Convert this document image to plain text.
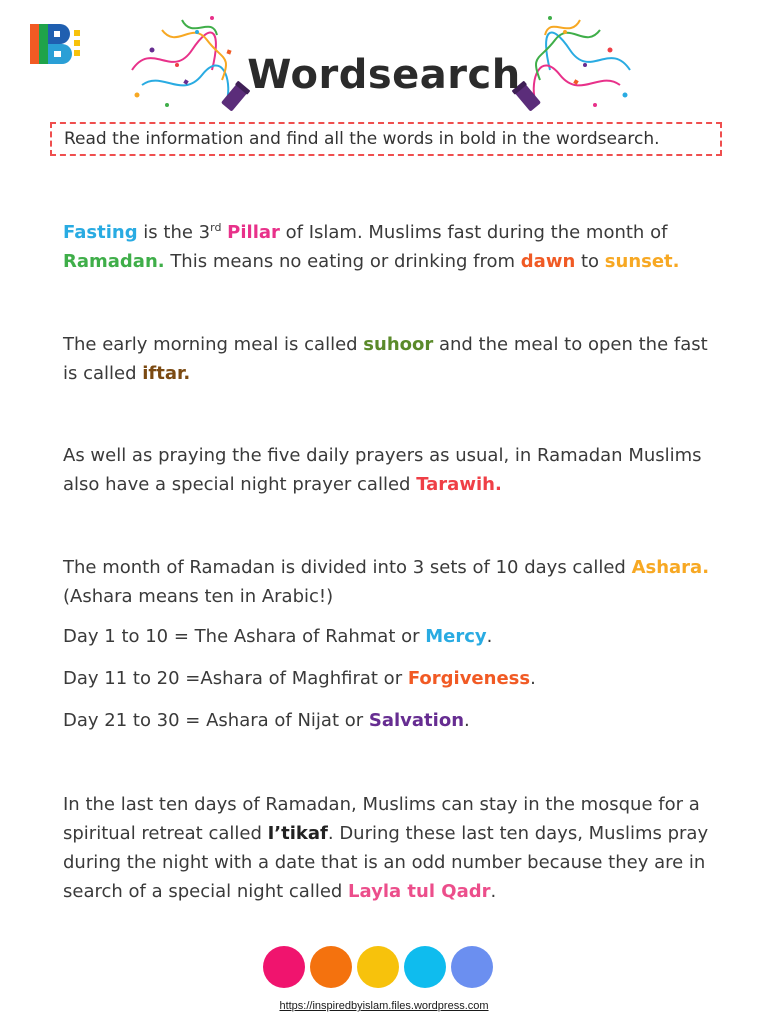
Wordsearch
Read the information and find all the words in bold in the wordsearch.
Fasting is the 3rd Pillar of Islam. Muslims fast during the month of Ramadan. This means no eating or drinking from dawn to sunset.
The early morning meal is called suhoor and the meal to open the fast is called iftar.
As well as praying the five daily prayers as usual, in Ramadan Muslims also have a special night prayer called Tarawih.
The month of Ramadan is divided into 3 sets of 10 days called Ashara. (Ashara means ten in Arabic!)
Day 1 to 10 = The Ashara of Rahmat or Mercy.
Day 11 to 20 =Ashara of Maghfirat or Forgiveness.
Day 21 to 30 = Ashara of Nijat or Salvation.
In the last ten days of Ramadan, Muslims can stay in the mosque for a spiritual retreat called I’tikaf. During these last ten days, Muslims pray during the night with a date that is an odd number because they are in search of a special night called Layla tul Qadr.
https://inspiredbyislam.files.wordpress.com
